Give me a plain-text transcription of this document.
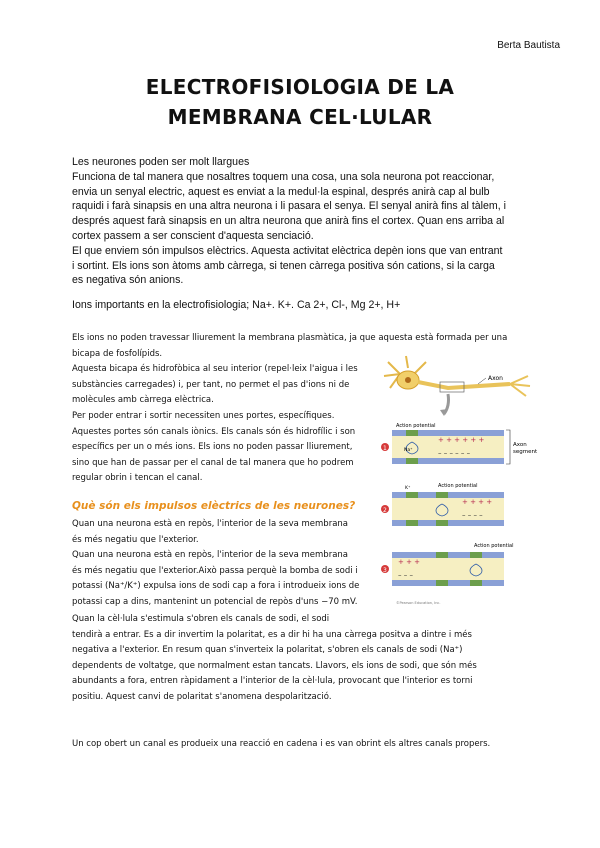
Berta Bautista
ELECTROFISIOLOGIA DE LA
MEMBRANA CEL·LULAR
Les neurones poden ser molt llargues
Funciona de tal manera que nosaltres toquem una cosa, una sola neurona pot reaccionar,
envia un senyal electric, aquest es enviat a la medul·la espinal, després anirà cap al bulb
raquidi i farà sinapsis en una altra neurona i li pasara el senya. El senyal anirà fins al tàlem, i
després aquest farà sinapsis en un altra neurona que anirà fins el cortex. Quan ens arriba al
cortex passem a ser conscient d'aquesta senciació.
El que enviem són impulsos elèctrics. Aquesta activitat elèctrica depèn ions que van entrant
i sortint. Els ions son àtoms amb càrrega, si tenen càrrega positiva són cations, si la carga
es negativa són anions.
Ions importants en la electrofisiologia; Na+. K+. Ca 2+, Cl-, Mg 2+, H+
Els ions no poden travessar lliurement la membrana plasmàtica, ja que aquesta està formada per una
bicapa de fosfolípids.
Aquesta bicapa és hidrofòbica al seu interior (repel·leix l'aigua i les
substàncies carregades) i, per tant, no permet el pas d'ions ni de
molècules amb càrrega elèctrica.
Per poder entrar i sortir necessiten unes portes, específiques.
Aquestes portes són canals iònics. Els canals són és hidrofílic i son
específics per un o més ions. Els ions no poden passar lliurement,
sino que han de passar per el canal de tal manera que ho podrem
regular obrin i tencan el canal.
Què són els impulsos elèctrics de les neurones?
Quan una neurona està en repòs, l'interior de la seva membrana
és més negatiu que l'exterior.
Quan una neurona està en repòs, l'interior de la seva membrana
és més negatiu que l'exterior.Això passa perquè la bomba de sodi i
potassi (Na⁺/K⁺) expulsa ions de sodi cap a fora i introdueix ions de
potassi cap a dins, mantenint un potencial de repòs d'uns −70 mV.
Quan la cèl·lula s'estimula s'obren els canals de sodi, el sodi
tendirà a entrar. Es a dir invertim la polaritat, es a dir hi ha una càrrega positva a dintre i més
negativa a l'exterior. En resum quan s'inverteix la polaritat, s'obren els canals de sodi (Na⁺)
dependents de voltatge, que normalment estan tancats. Llavors, els ions de sodi, que són més
abundants a fora, entren ràpidament a l'interior de la cèl·lula, provocant que l'interior es torni
positiu. Aquest canvi de polaritat s'anomena despolarització.
Un cop obert un canal es produeix una reacció en cadena i es van obrint els altres canals propers.
Axon
Action potential
+ + + + + +
– – – – – –
1	Axon
segment
Na⁺
Action potential
+ + + +
– – – –
2
K⁺
Action potential
+ + +
– – –
3
©Pearson Education, Inc.
